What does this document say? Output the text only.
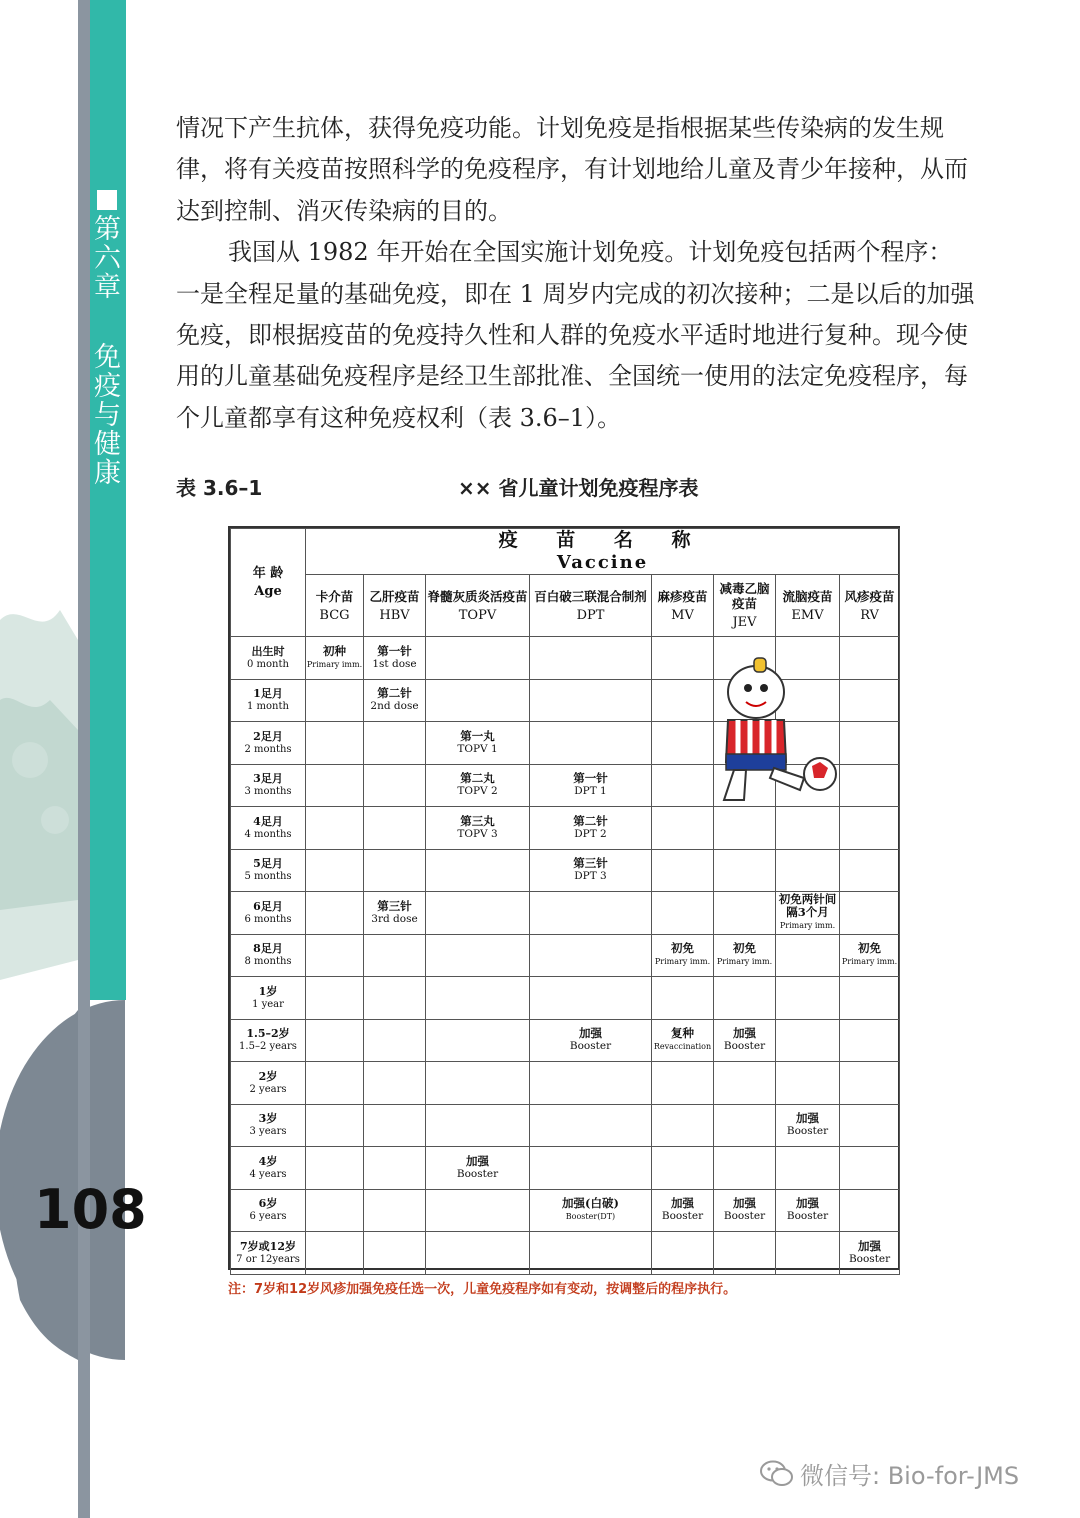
第六章 免疫与健康
108

情况下产生抗体，获得免疫功能。计划免疫是指根据某些传染病的发生规律，将有关疫苗按照科学的免疫程序，有计划地给儿童及青少年接种，从而达到控制、消灭传染病的目的。

我国从 1982 年开始在全国实施计划免疫。计划免疫包括两个程序：一是全程足量的基础免疫，即在 1 周岁内完成的初次接种；二是以后的加强免疫，即根据疫苗的免疫持久性和人群的免疫水平适时地进行复种。现今使用的儿童基础免疫程序是经卫生部批准、全国统一使用的法定免疫程序，每个儿童都享有这种免疫权利（表 3.6–1）。

表 3.6–1	×× 省儿童计划免疫程序表
年 龄
Age	疫 苗 名 称
Vaccine							
	卡介苗
BCG	乙肝疫苗
HBV	脊髓灰质炎活疫苗
TOPV	百白破三联混合制剂
DPT	麻疹疫苗
MV	减毒乙脑疫苗
JEV	流脑疫苗
EMV	风疹疫苗
RV

出生时
0 month	初种
Primary imm.	第一针
1st dose						

1足月
1 month		第二针
2nd dose						

2足月
2 months			第一丸
TOPV 1					

3足月
3 months			第二丸
TOPV 2	第一针
DPT 1				

4足月
4 months			第三丸
TOPV 3	第二针
DPT 2				

5足月
5 months				第三针
DPT 3				

6足月
6 months		第三针
3rd dose					初免两针间隔3个月
Primary imm.	

8足月
8 months					初免
Primary imm.	初免
Primary imm.		初免
Primary imm.

1岁
1 year								

1.5–2岁
1.5–2 years				加强
Booster	复种
Revaccination	加强
Booster		

2岁
2 years								

3岁
3 years							加强
Booster	

4岁
4 years			加强
Booster					

6岁
6 years				加强(白破)
Booster(DT)	加强
Booster	加强
Booster	加强
Booster	

7岁或12岁
7 or 12years								加强
Booster
注：7岁和12岁风疹加强免疫任选一次，儿童免疫程序如有变动，按调整后的程序执行。
微信号: Bio-for-JMS
